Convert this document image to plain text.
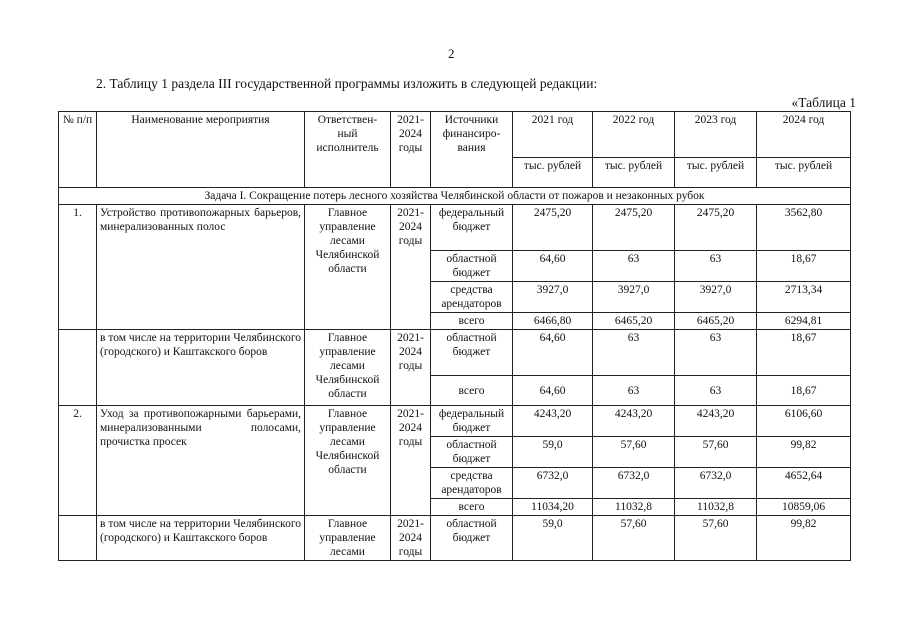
2
2. Таблицу 1 раздела III государственной программы изложить в следующей редакции:
«Таблица 1
№ п/п	Наименование мероприятия	Ответствен-ный исполнитель	2021-2024 годы	Источники финансиро-вания	2021 год	2022 год	2023 год	2024 год
					тыс. рублей	тыс. рублей	тыс. рублей	тыс. рублей
Задача I. Сокращение потерь лесного хозяйства Челябинской области от пожаров и незаконных рубок								
1.	Устройство противопожарных барьеров, минерализованных полос	Главное управление лесами Челябинской области	2021-2024 годы	федеральный бюджет	2475,20	2475,20	2475,20	3562,80
				областной бюджет	64,60	63	63	18,67
				средства арендаторов	3927,0	3927,0	3927,0	2713,34
				всего	6466,80	6465,20	6465,20	6294,81
	в том числе на территории Челябинского (городского) и Каштакского боров	Главное управление лесами Челябинской области	2021-2024 годы	областной бюджет	64,60	63	63	18,67
				всего	64,60	63	63	18,67
2.	Уход за противопожарными барьерами, минерализованными полосами, прочистка просек	Главное управление лесами Челябинской области	2021-2024 годы	федеральный бюджет	4243,20	4243,20	4243,20	6106,60
				областной бюджет	59,0	57,60	57,60	99,82
				средства арендаторов	6732,0	6732,0	6732,0	4652,64
				всего	11034,20	11032,8	11032,8	10859,06
	в том числе на территории Челябинского (городского) и Каштакского боров	Главное управление лесами	2021-2024 годы	областной бюджет	59,0	57,60	57,60	99,82
